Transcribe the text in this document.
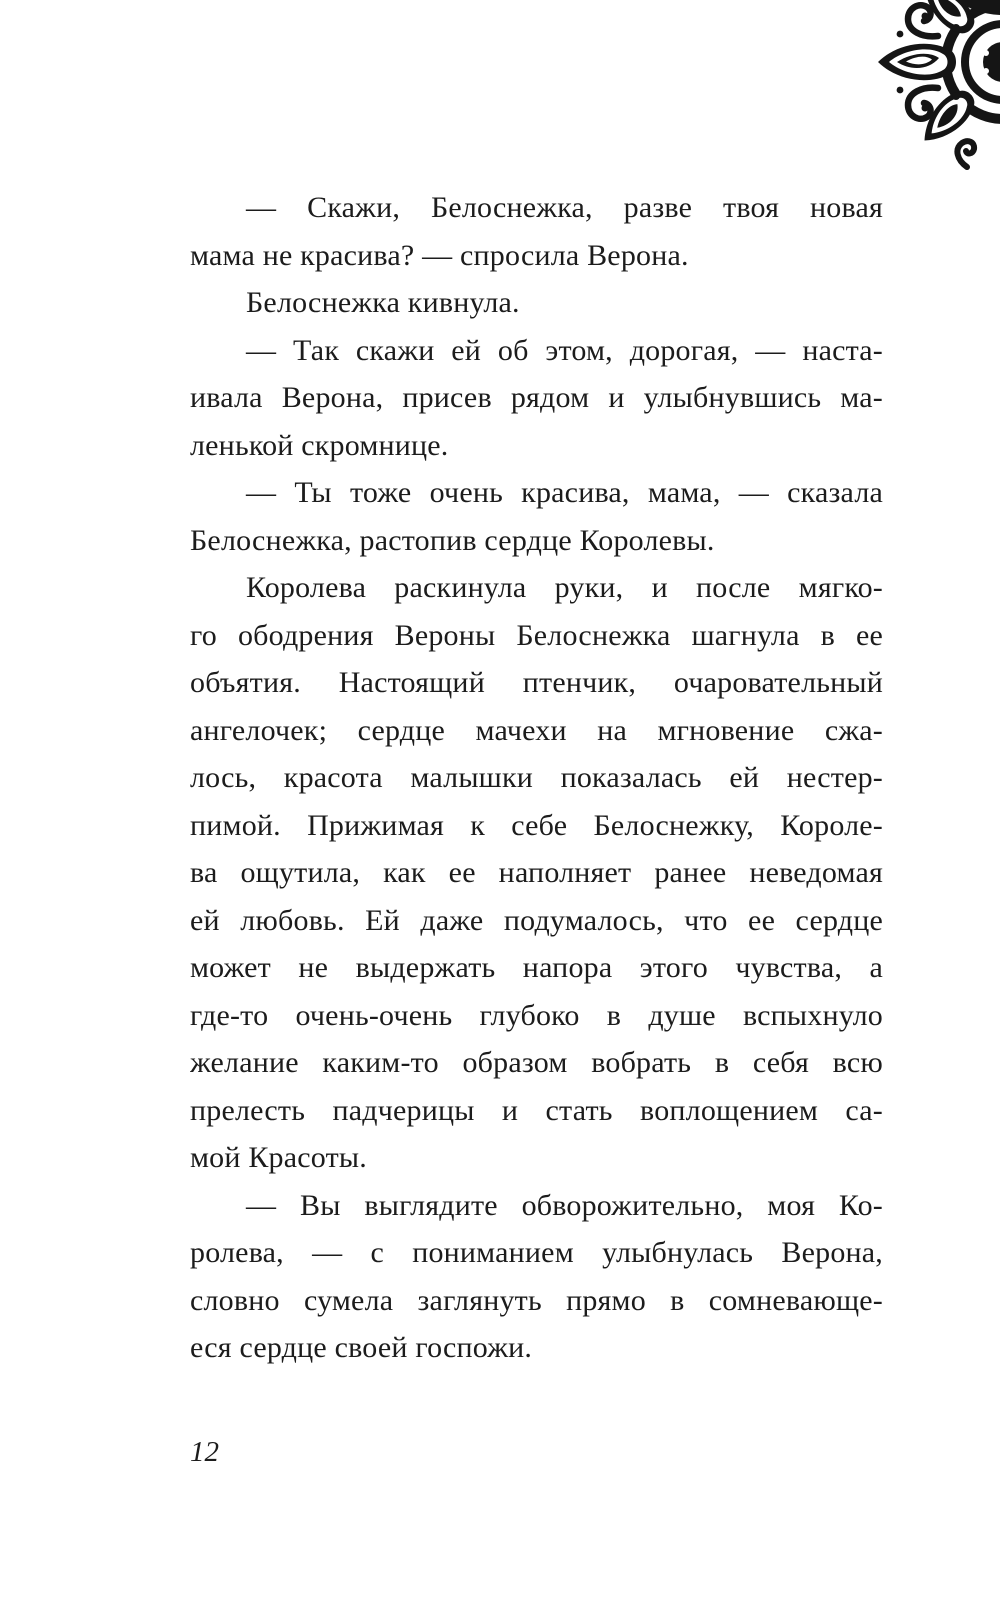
— Скажи, Белоснежка, разве твоя новая
мама не красива? — спросила Верона.
Белоснежка кивнула.
— Так скажи ей об этом, дорогая, — наста-
ивала Верона, присев рядом и улыбнувшись ма-
ленькой скромнице.
— Ты тоже очень красива, мама, — сказала
Белоснежка, растопив сердце Королевы.
Королева раскинула руки, и после мягко-
го ободрения Вероны Белоснежка шагнула в ее
объятия. Настоящий птенчик, очаровательный
ангелочек; сердце мачехи на мгновение сжа-
лось, красота малышки показалась ей нестер-
пимой. Прижимая к себе Белоснежку, Короле-
ва ощутила, как ее наполняет ранее неведомая
ей любовь. Ей даже подумалось, что ее сердце
может не выдержать напора этого чувства, а
где-то очень-очень глубоко в душе вспыхнуло
желание каким-то образом вобрать в себя всю
прелесть падчерицы и стать воплощением са-
мой Красоты.
— Вы выглядите обворожительно, моя Ко-
ролева, — с пониманием улыбнулась Верона,
словно сумела заглянуть прямо в сомневающе-
еся сердце своей госпожи.
12
